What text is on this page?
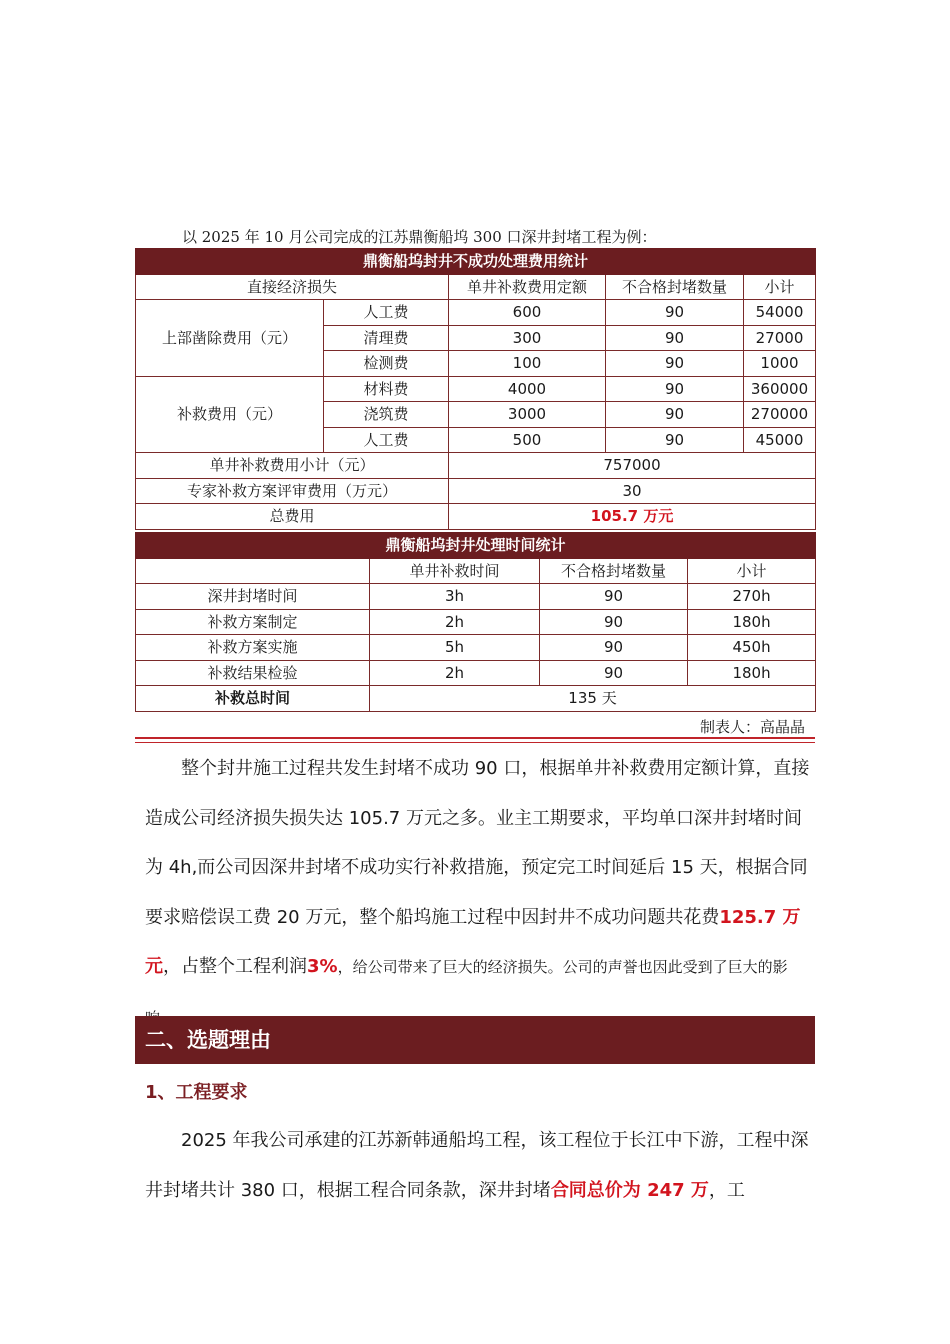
以 2025 年 10 月公司完成的江苏鼎衡船坞 300 口深井封堵工程为例：
鼎衡船坞封井不成功处理费用统计				
直接经济损失		单井补救费用定额	不合格封堵数量	小计
上部凿除费用（元）	人工费	600	90	54000
	清理费	300	90	27000
	检测费	100	90	1000
补救费用（元）	材料费	4000	90	360000
	浇筑费	3000	90	270000
	人工费	500	90	45000
单井补救费用小计（元）		757000		
专家补救方案评审费用（万元）		30		
总费用		105.7 万元		
鼎衡船坞封井处理时间统计			
	单井补救时间	不合格封堵数量	小计
深井封堵时间	3h	90	270h
补救方案制定	2h	90	180h
补救方案实施	5h	90	450h
补救结果检验	2h	90	180h
补救总时间	135 天		
制表人：高晶晶
整个封井施工过程共发生封堵不成功 90 口，根据单井补救费用定额计算，直接造成公司经济损失损失达 105.7 万元之多。业主工期要求，平均单口深井封堵时间为 4h,而公司因深井封堵不成功实行补救措施，预定完工时间延后 15 天，根据合同要求赔偿误工费 20 万元，整个船坞施工过程中因封井不成功问题共花费125.7 万元，占整个工程利润3%，给公司带来了巨大的经济损失。公司的声誉也因此受到了巨大的影
二、选题理由
1、工程要求
2025 年我公司承建的江苏新韩通船坞工程，该工程位于长江中下游，工程中深井封堵共计 380 口，根据工程合同条款，深井封堵合同总价为 247 万，工
